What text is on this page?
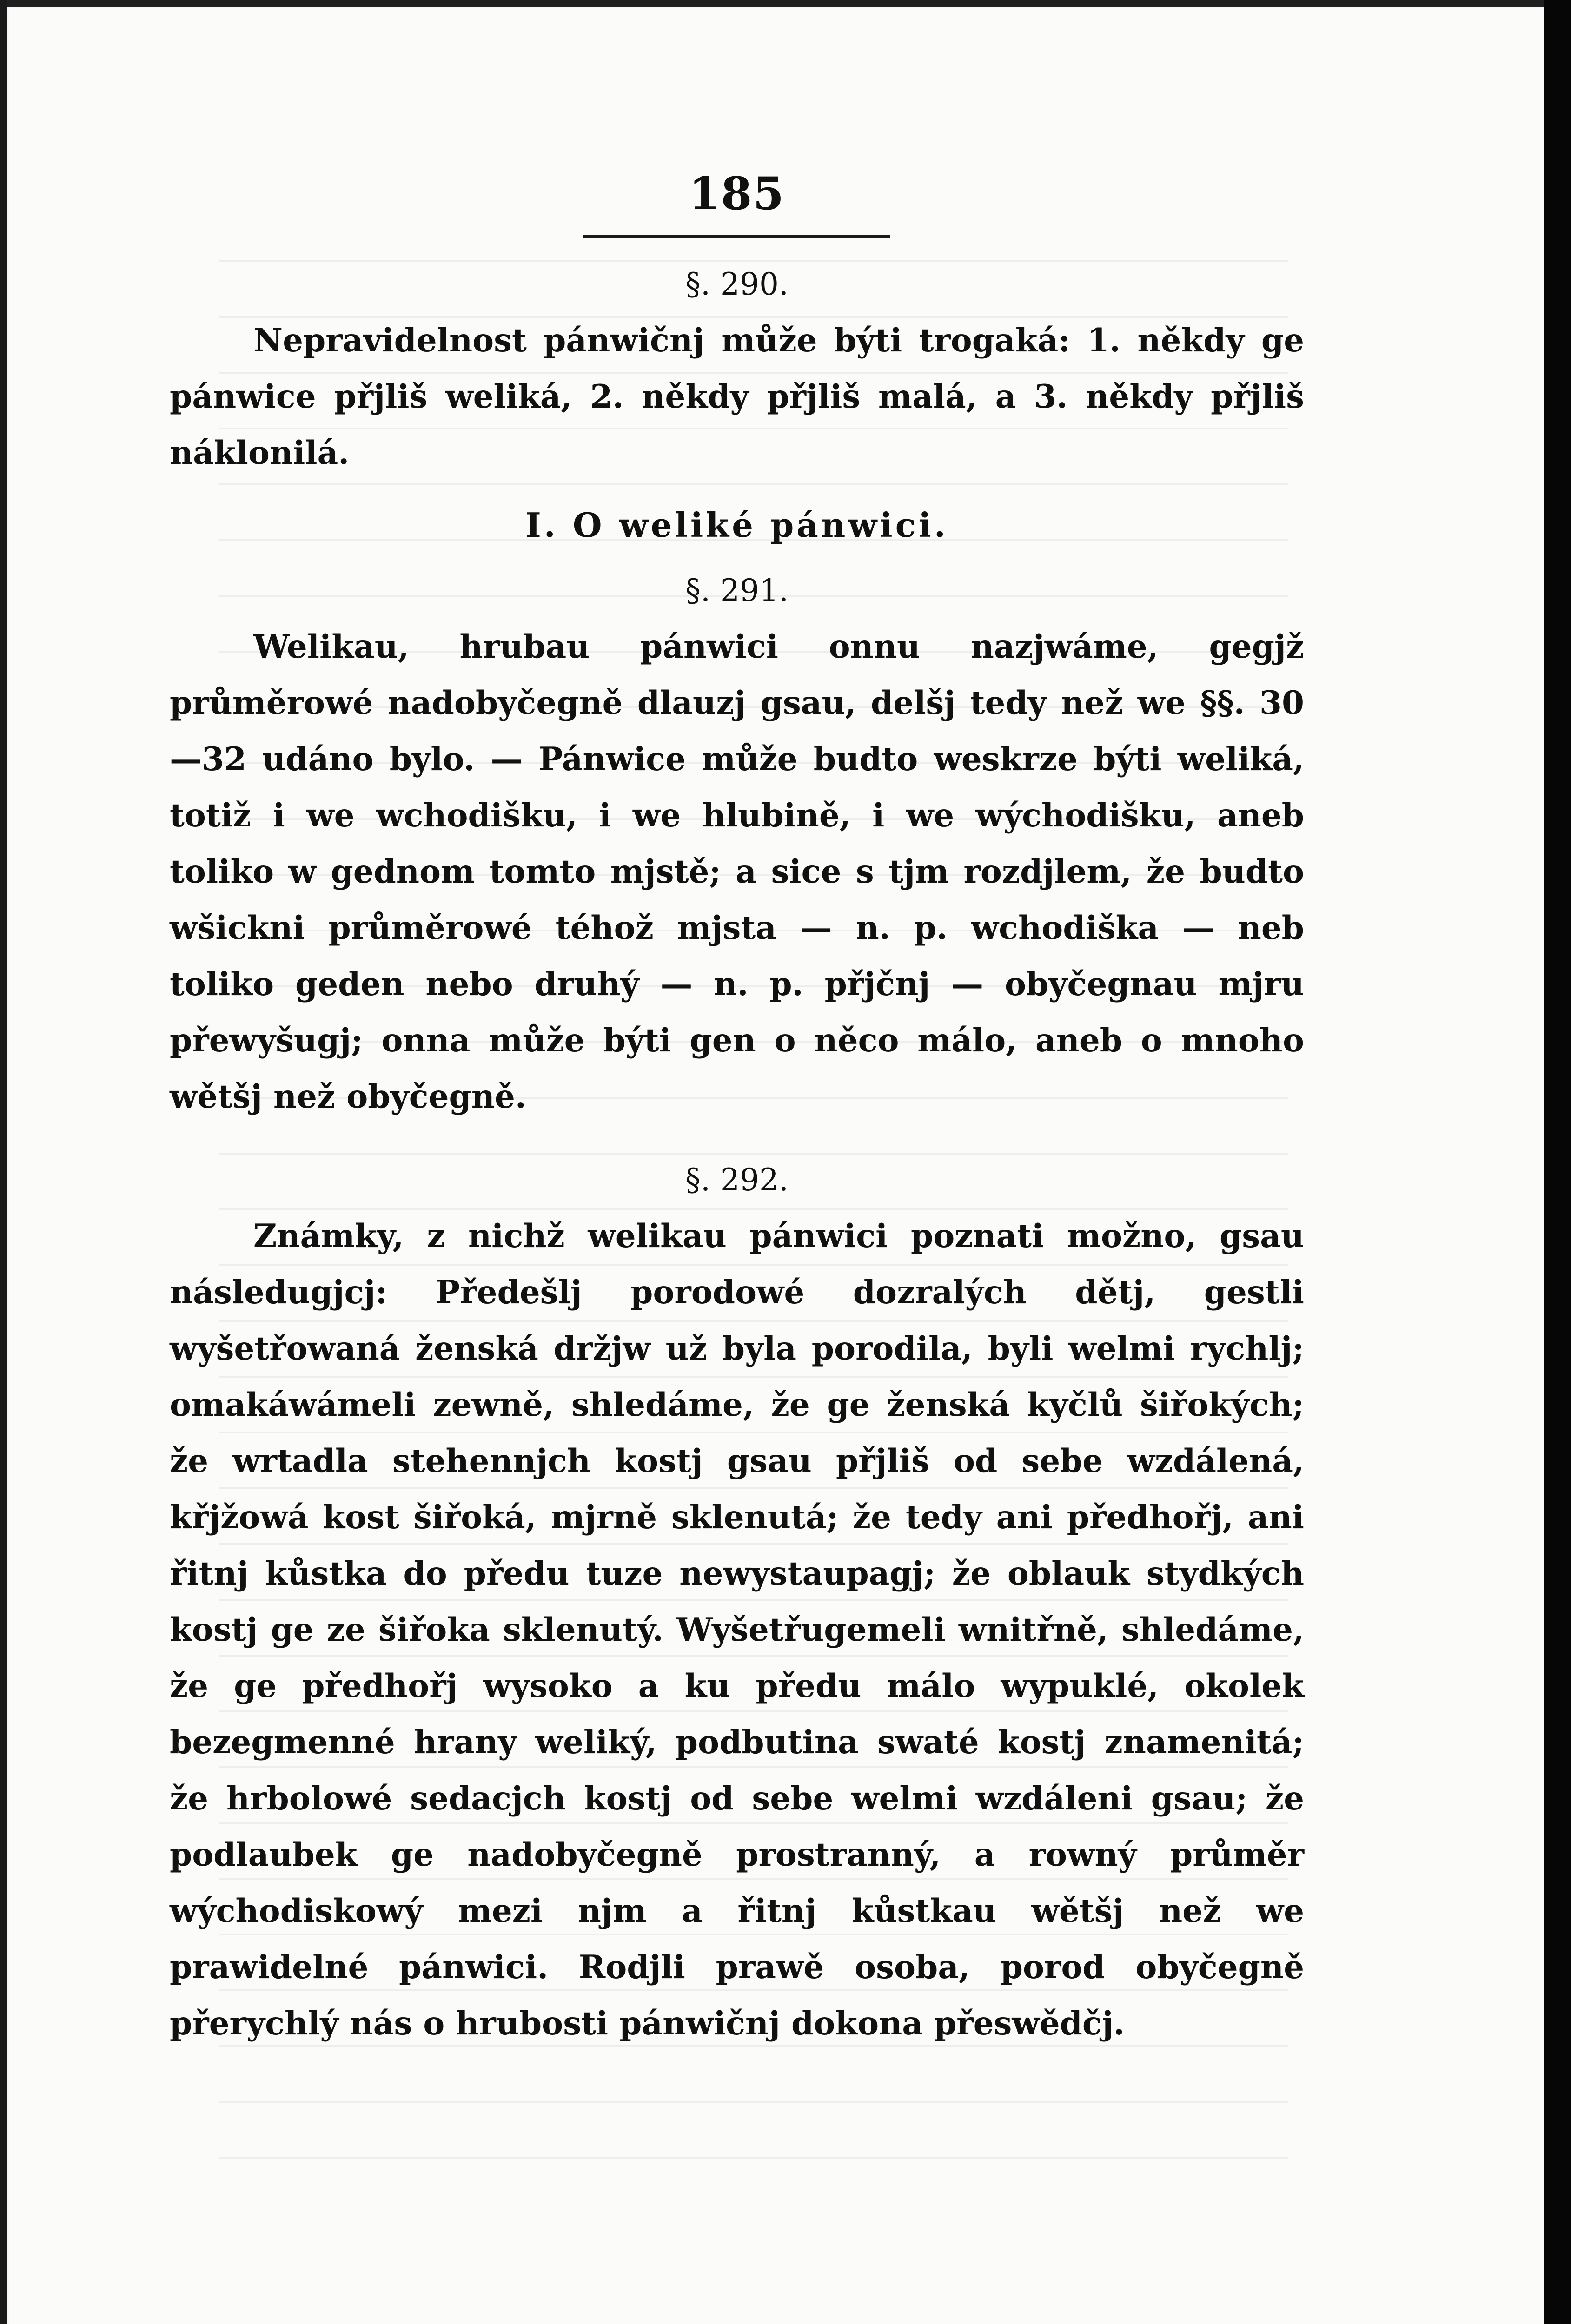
185
§. 290.

Nepravidelnost pánwičnj může býti trogaká: 1. někdy ge pánwice přjliš weliká, 2. někdy přjliš malá, a 3. někdy přjliš náklonilá.

I. O weliké pánwici.
§. 291.

Welikau, hrubau pánwici onnu nazjwáme, gegjž průměrowé nadobyčegně dlauzj gsau, delšj tedy než we §§. 30—32 udáno bylo. — Pánwice může budto weskrze býti weliká, totiž i we wchodišku, i we hlubině, i we wýchodišku, aneb toliko w gednom tomto mjstě; a sice s tjm rozdjlem, že budto wšickni průměrowé téhož mjsta — n. p. wchodiška — neb toliko geden nebo druhý — n. p. přjčnj — obyčegnau mjru přewyšugj; onna může býti gen o něco málo, aneb o mnoho wětšj než obyčegně.

§. 292.

Známky, z nichž welikau pánwici poznati možno, gsau následugjcj: Předešlj porodowé dozralých dětj, gestli wyšetřowaná ženská držjw už byla porodila, byli welmi rychlj; omakáwámeli zewně, shledáme, že ge ženská kyčlů šiřokých; že wrtadla stehennjch kostj gsau přjliš od sebe wzdálená, křjžowá kost šiřoká, mjrně sklenutá; že tedy ani předhořj, ani řitnj kůstka do předu tuze newystaupagj; že oblauk stydkých kostj ge ze šiřoka sklenutý. Wyšetřugemeli wnitřně, shledáme, že ge předhořj wysoko a ku předu málo wypuklé, okolek bezegmenné hrany weliký, podbutina swaté kostj znamenitá; že hrbolowé sedacjch kostj od sebe welmi wzdáleni gsau; že podlaubek ge nadobyčegně prostranný, a rowný průměr wýchodiskowý mezi njm a řitnj kůstkau wětšj než we prawidelné pánwici. Rodjli prawě osoba, porod obyčegně přerychlý nás o hrubosti pánwičnj dokona přeswědčj.
